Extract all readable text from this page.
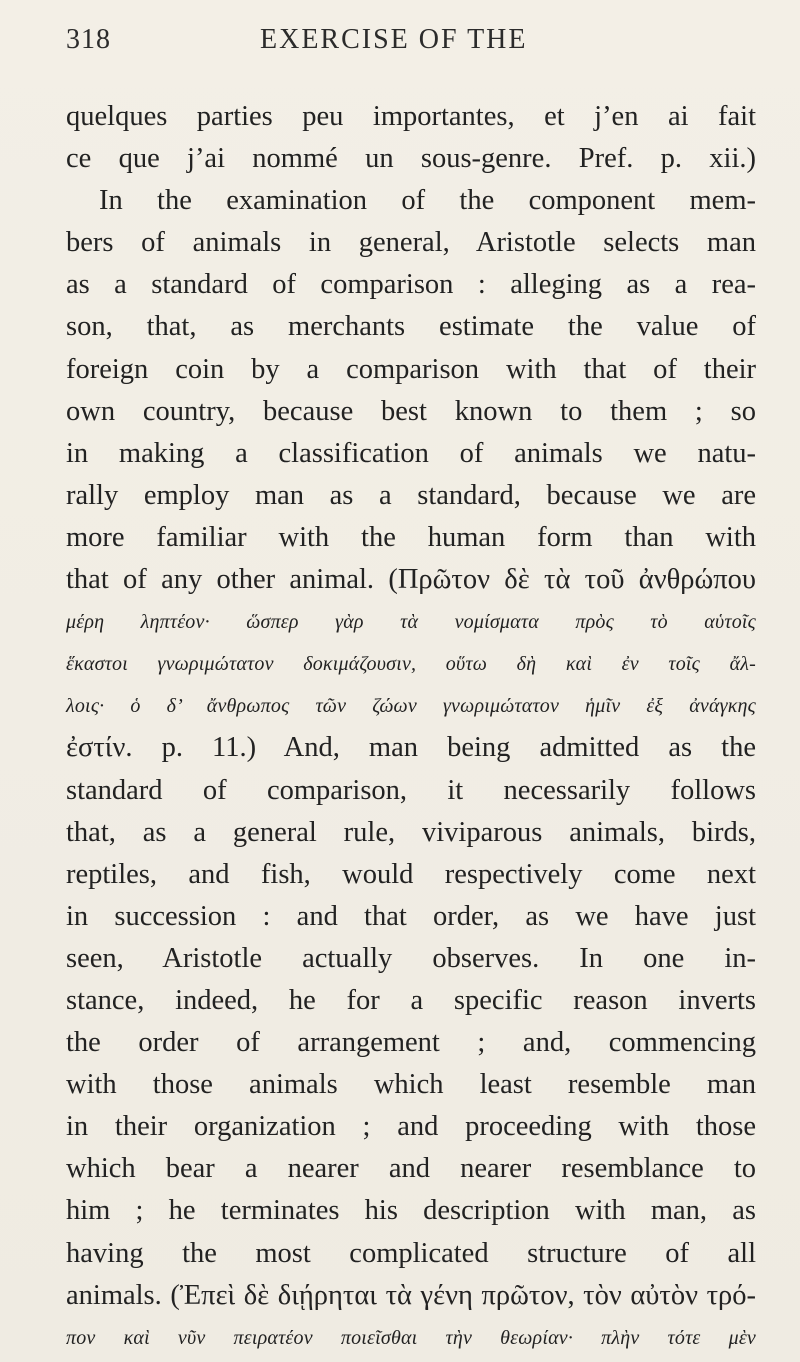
318	EXERCISE OF THE
quelques parties peu importantes, et j’en ai fait
ce que j’ai nommé un sous-genre. Pref. p. xii.)
In the examination of the component mem-
bers of animals in general, Aristotle selects man
as a standard of comparison : alleging as a rea-
son, that, as merchants estimate the value of
foreign coin by a comparison with that of their
own country, because best known to them ; so
in making a classification of animals we natu-
rally employ man as a standard, because we are
more familiar with the human form than with
that of any other animal. (Πρῶτον δὲ τὰ τοῦ ἀνθρώπου
μέρη ληπτέον· ὥσπερ γὰρ τὰ νομίσματα πρὸς τὸ αὑτοῖς
ἕκαστοι γνωριμώτατον δοκιμάζουσιν, οὕτω δὴ καὶ ἐν τοῖς ἄλ-
λοις· ὁ δ’ ἄνθρωπος τῶν ζώων γνωριμώτατον ἡμῖν ἐξ ἀνάγκης
ἐστίν. p. 11.) And, man being admitted as the
standard of comparison, it necessarily follows
that, as a general rule, viviparous animals, birds,
reptiles, and fish, would respectively come next
in succession : and that order, as we have just
seen, Aristotle actually observes. In one in-
stance, indeed, he for a specific reason inverts
the order of arrangement ; and, commencing
with those animals which least resemble man
in their organization ; and proceeding with those
which bear a nearer and nearer resemblance to
him ; he terminates his description with man, as
having the most complicated structure of all
animals. (Ἐπεὶ δὲ διῄρηται τὰ γένη πρῶτον, τὸν αὐτὸν τρό-
πον καὶ νῦν πειρατέον ποιεῖσθαι τὴν θεωρίαν· πλὴν τότε μὲν
